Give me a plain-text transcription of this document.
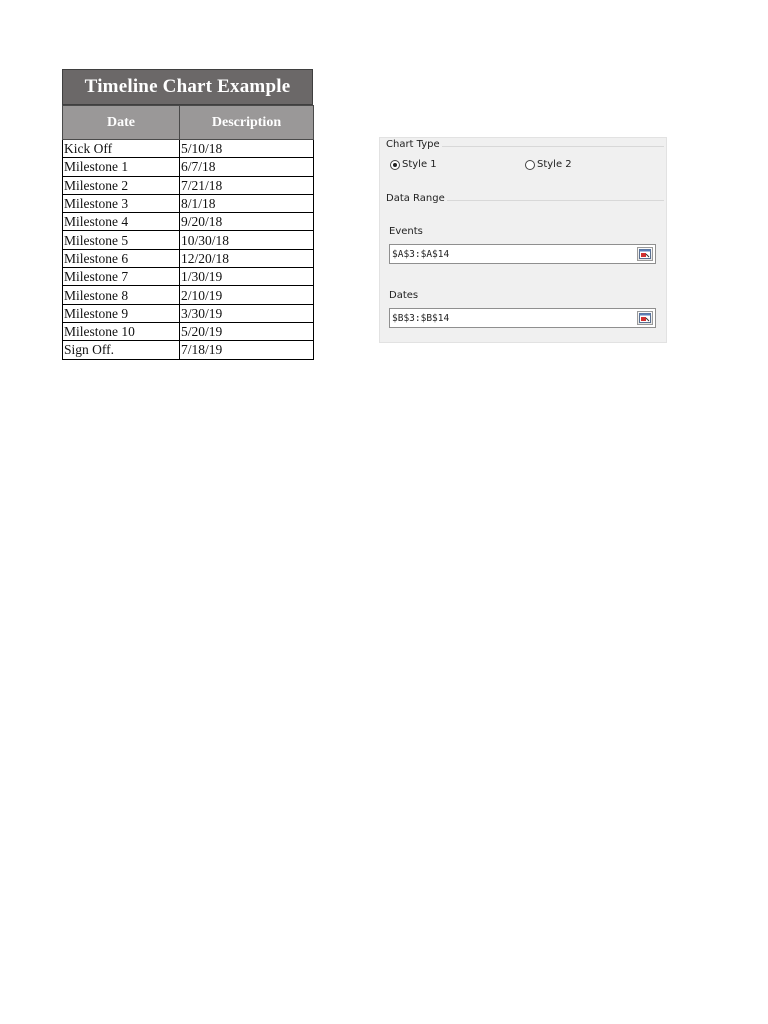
Timeline Chart Example
Date	Description
Kick Off	5/10/18
Milestone 1	6/7/18
Milestone 2	7/21/18
Milestone 3	8/1/18
Milestone 4	9/20/18
Milestone 5	10/30/18
Milestone 6	12/20/18
Milestone 7	1/30/19
Milestone 8	2/10/19
Milestone 9	3/30/19
Milestone 10	5/20/19
Sign Off.	7/18/19
Chart Type
Style 1	Style 2
Data Range
Events
$A$3:$A$14
Dates
$B$3:$B$14
